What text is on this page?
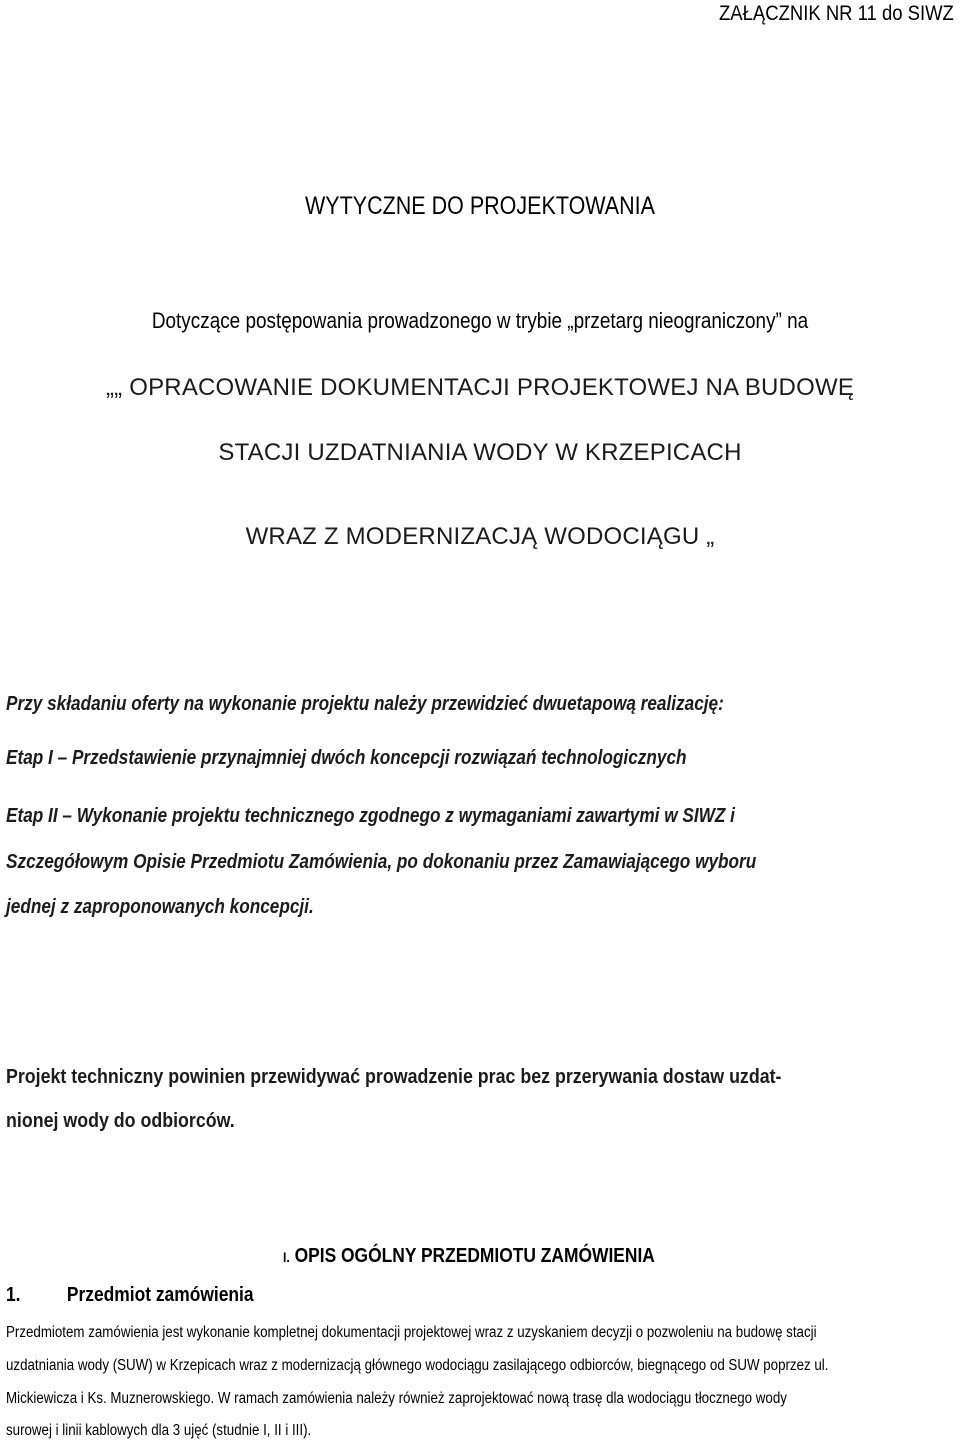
ZAŁĄCZNIK NR 11 do SIWZ
WYTYCZNE DO PROJEKTOWANIA
Dotyczące postępowania prowadzonego w trybie „przetarg nieograniczony” na
„„ OPRACOWANIE DOKUMENTACJI PROJEKTOWEJ NA BUDOWĘ
STACJI UZDATNIANIA WODY W KRZEPICACH
WRAZ Z MODERNIZACJĄ WODOCIĄGU „
Przy składaniu oferty na wykonanie projektu należy przewidzieć dwuetapową realizację:
Etap I – Przedstawienie przynajmniej dwóch koncepcji rozwiązań technologicznych
Etap II – Wykonanie projektu technicznego zgodnego z wymaganiami zawartymi w SIWZ i
Szczegółowym Opisie Przedmiotu Zamówienia, po dokonaniu przez Zamawiającego wyboru
jednej z zaproponowanych koncepcji.
Projekt techniczny powinien przewidywać prowadzenie prac bez przerywania dostaw uzdat-
nionej wody do odbiorców.
I. OPIS OGÓLNY PRZEDMIOTU ZAMÓWIENIA
1. Przedmiot zamówienia
Przedmiotem zamówienia jest wykonanie kompletnej dokumentacji projektowej wraz z uzyskaniem decyzji o pozwoleniu na budowę stacji
uzdatniania wody (SUW) w Krzepicach wraz z modernizacją głównego wodociągu zasilającego odbiorców, biegnącego od SUW poprzez ul.
Mickiewicza i Ks. Muznerowskiego. W ramach zamówienia należy również zaprojektować nową trasę dla wodociągu tłocznego wody
surowej i linii kablowych dla 3 ujęć (studnie I, II i III).
